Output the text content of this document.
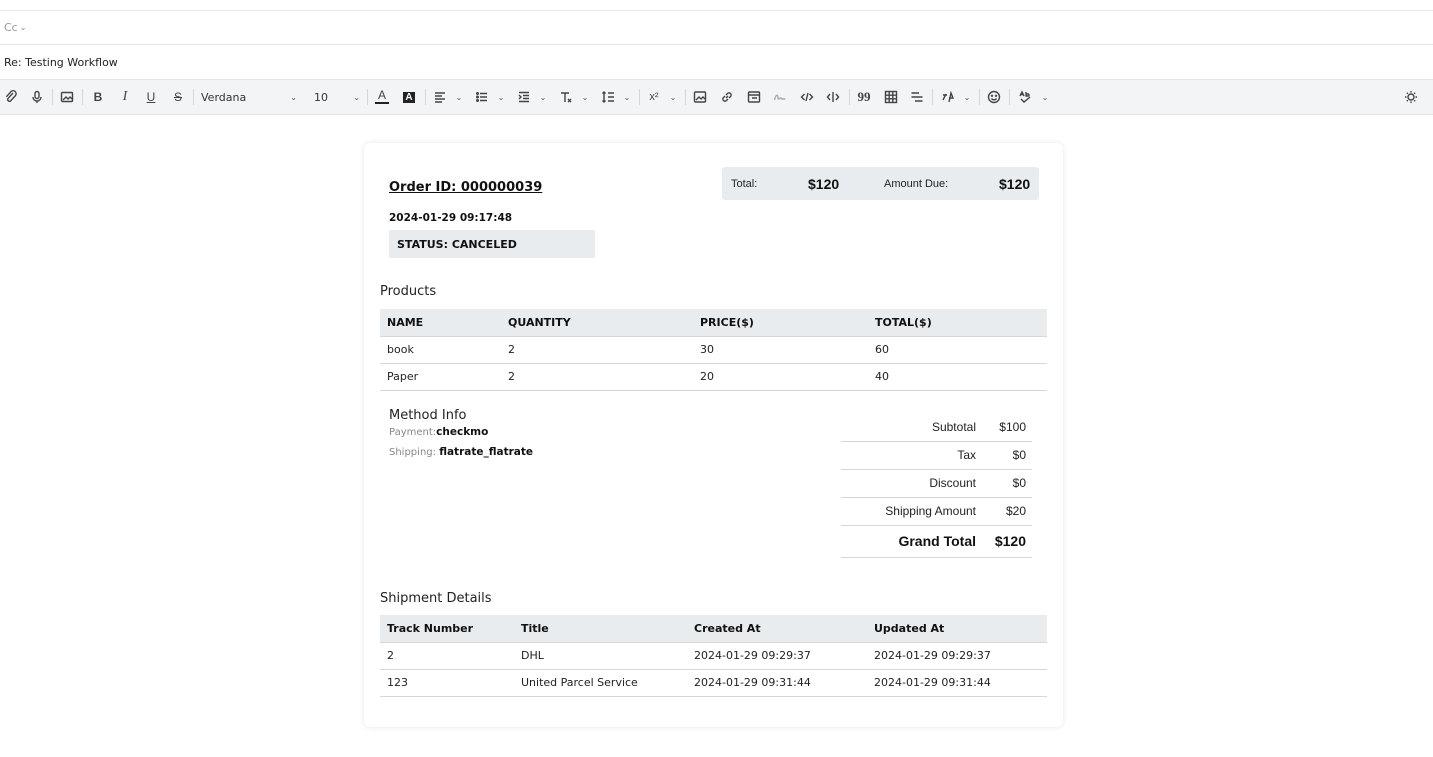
Cc ⌄
Re: Testing Workflow
B	I	U S Verdana	⌄ 10	⌄ A	A	⌄	⌄	⌄	⌄	⌄ x²	⌄	99	⌄	⌄
Order ID: 000000039
2024-01-29 09:17:48
STATUS: CANCELED
Total:	$120	Amount Due:	$120
Products
NAME	QUANTITY	PRICE($)	TOTAL($)
book	2	30	60
Paper	2	20	40
Method Info
Payment:checkmo
Shipping: flatrate_flatrate
Subtotal	$100
Tax	$0
Discount	$0
Shipping Amount	$20
Grand Total	$120
Shipment Details
Track Number	Title	Created At	Updated At
2	DHL	2024-01-29 09:29:37	2024-01-29 09:29:37
123	United Parcel Service	2024-01-29 09:31:44	2024-01-29 09:31:44
